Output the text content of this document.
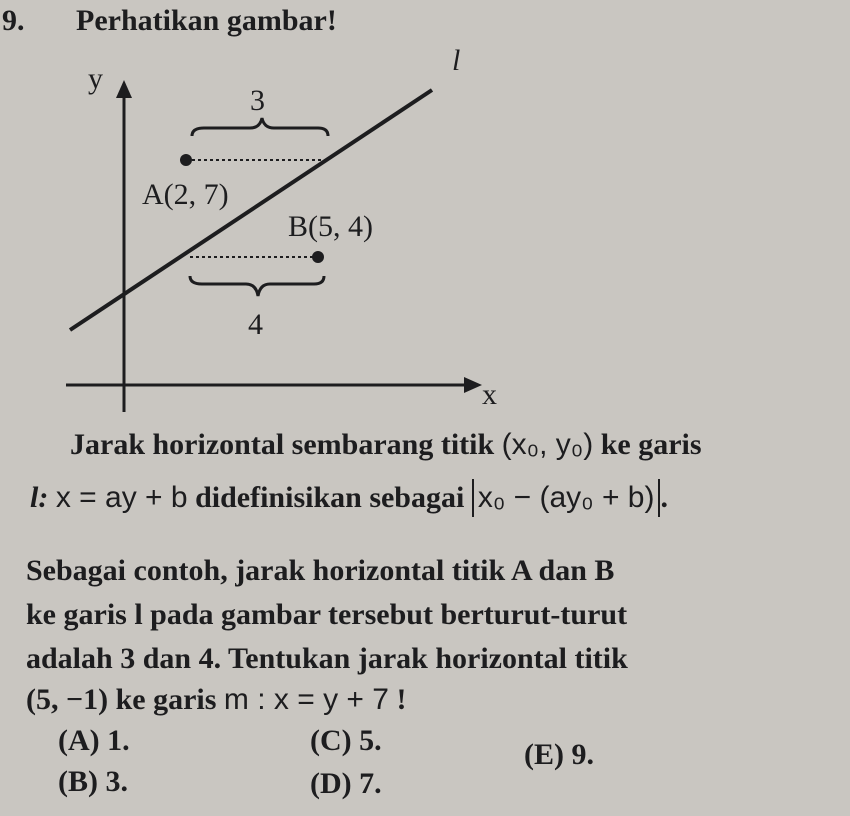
9. Perhatikan gambar!
y
x
l
3
4
A(2, 7)
B(5, 4)
Jarak horizontal sembarang titik (x₀, y₀) ke garis
l: x = ay + b didefinisikan sebagai x₀ − (ay₀ + b) .
Sebagai contoh, jarak horizontal titik A dan B
ke garis l pada gambar tersebut berturut-turut
adalah 3 dan 4. Tentukan jarak horizontal titik
(5, −1) ke garis m : x = y + 7 !
(A) 1.
(B) 3.
(C) 5.
(D) 7.
(E) 9.
